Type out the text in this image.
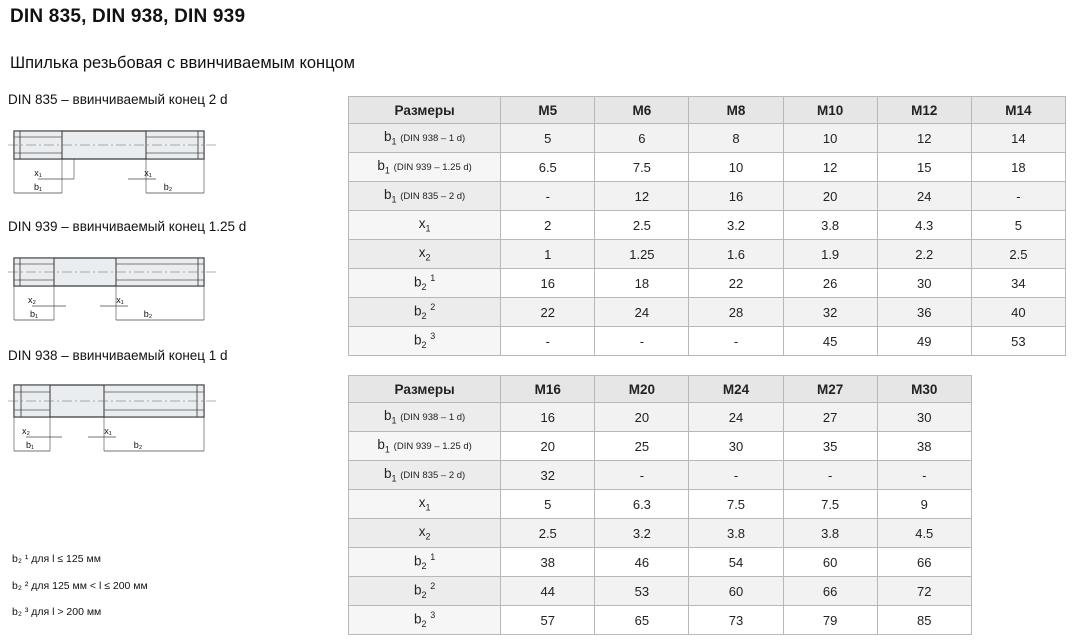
DIN 835, DIN 938, DIN 939
Шпилька резьбовая с ввинчиваемым концом
DIN 835 – ввинчиваемый конец 2 d
x₁
b₁
x₁
b₂
DIN 939 – ввинчиваемый конец 1.25 d
x₂
b₁
x₁
b₂
DIN 938 – ввинчиваемый конец 1 d
x₂
b₁
x₁
b₂
b₂ ¹ для l ≤ 125 мм
b₂ ² для 125 мм < l ≤ 200 мм
b₂ ³ для l > 200 мм
Размеры	M5	M6	M8	M10	M12	M14
$b_1$ (DIN 938 – 1 d)	5	6	8	10	12	14
$b_1$ (DIN 939 – 1.25 d)	6.5	7.5	10	12	15	18
$b_1$ (DIN 835 – 2 d)	-	12	16	20	24	-
$x_1$	2	2.5	3.2	3.8	4.3	5
$x_2$	1	1.25	1.6	1.9	2.2	2.5
$b_2$ $^1$	16	18	22	26	30	34
$b_2$ $^2$	22	24	28	32	36	40
$b_2$ $^3$	-	-	-	45	49	53
Размеры	M16	M20	M24	M27	M30	
$b_1$ (DIN 938 – 1 d)	16	20	24	27	30	
$b_1$ (DIN 939 – 1.25 d)	20	25	30	35	38	
$b_1$ (DIN 835 – 2 d)	32	-	-	-	-	
$x_1$	5	6.3	7.5	7.5	9	
$x_2$	2.5	3.2	3.8	3.8	4.5	
$b_2$ $^1$	38	46	54	60	66	
$b_2$ $^2$	44	53	60	66	72	
$b_2$ $^3$	57	65	73	79	85	
